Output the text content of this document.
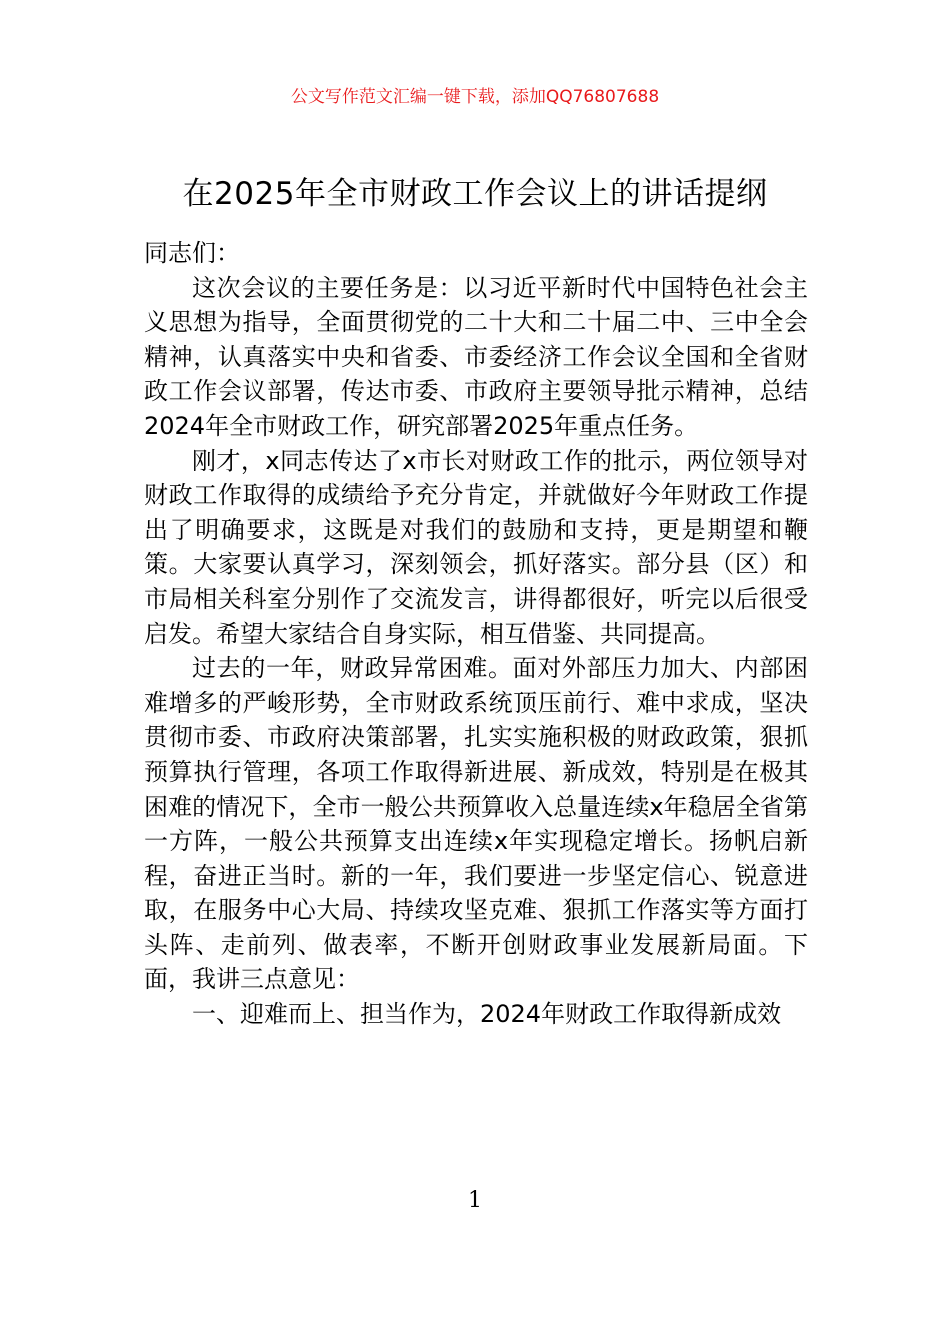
公文写作范文汇编一键下载，添加QQ76807688
在2025年全市财政工作会议上的讲话提纲

同志们：

这次会议的主要任务是：以习近平新时代中国特色社会主义思想为指导，全面贯彻党的二十大和二十届二中、三中全会精神，认真落实中央和省委、市委经济工作会议全国和全省财政工作会议部署，传达市委、市政府主要领导批示精神，总结2024年全市财政工作，研究部署2025年重点任务。

刚才，x同志传达了x市长对财政工作的批示，两位领导对财政工作取得的成绩给予充分肯定，并就做好今年财政工作提出了明确要求，这既是对我们的鼓励和支持，更是期望和鞭策。大家要认真学习，深刻领会，抓好落实。部分县（区）和市局相关科室分别作了交流发言，讲得都很好，听完以后很受启发。希望大家结合自身实际，相互借鉴、共同提高。

过去的一年，财政异常困难。面对外部压力加大、内部困难增多的严峻形势，全市财政系统顶压前行、难中求成，坚决贯彻市委、市政府决策部署，扎实实施积极的财政政策，狠抓预算执行管理，各项工作取得新进展、新成效，特别是在极其困难的情况下，全市一般公共预算收入总量连续x年稳居全省第一方阵，一般公共预算支出连续x年实现稳定增长。扬帆启新程，奋进正当时。新的一年，我们要进一步坚定信心、锐意进取，在服务中心大局、持续攻坚克难、狠抓工作落实等方面打头阵、走前列、做表率，不断开创财政事业发展新局面。下面，我讲三点意见：

一、迎难而上、担当作为，2024年财政工作取得新成效

1
